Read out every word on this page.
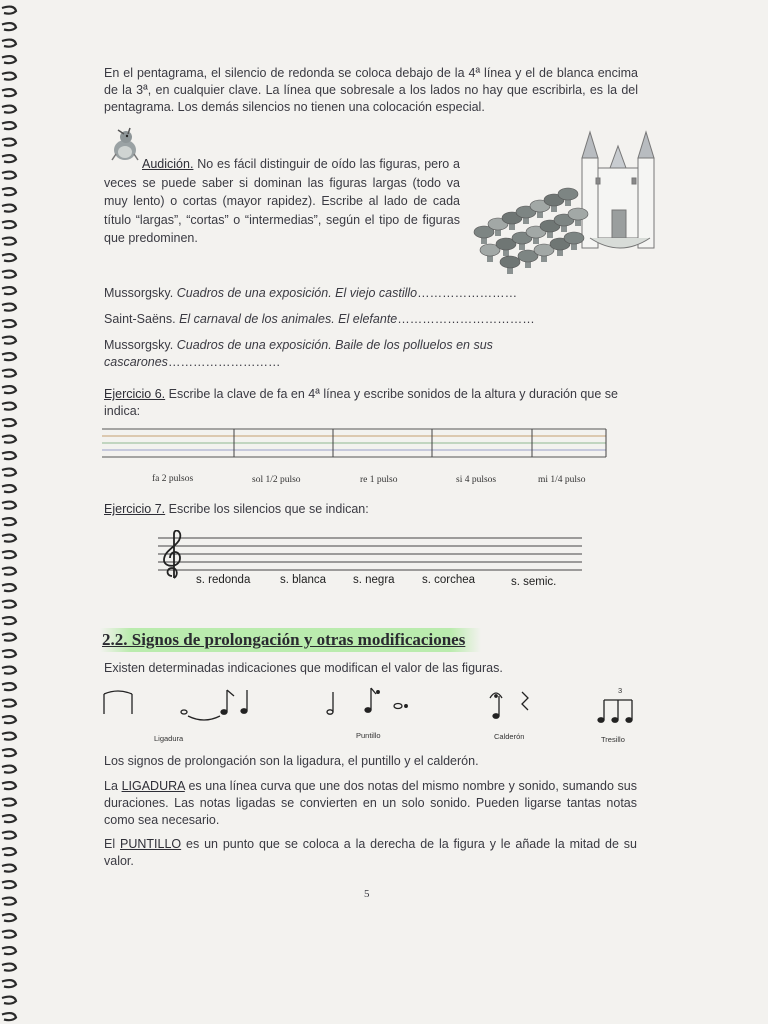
En el pentagrama, el silencio de redonda se coloca debajo de la 4ª línea y el de blanca encima de la 3ª, en cualquier clave. La línea que sobresale a los lados no hay que escribirla, es la del pentagrama. Los demás silencios no tienen una colocación especial.
Audición. No es fácil distinguir de oído las figuras, pero a veces se puede saber si dominan las figuras largas (todo va muy lento) o cortas (mayor rapidez). Escribe al lado de cada título “largas”, “cortas” o “intermedias”, según el tipo de figuras que predominen.
Mussorgsky. Cuadros de una exposición. El viejo castillo……………………
Saint-Saëns. El carnaval de los animales. El elefante……………………………
Mussorgsky. Cuadros de una exposición. Baile de los polluelos en sus cascarones………………………
Ejercicio 6. Escribe la clave de fa en 4ª línea y escribe sonidos de la altura y duración que se indica:
fa 2 pulsos	sol 1/2 pulso	re 1 pulso	si 4 pulsos	mi 1/4 pulso
Ejercicio 7. Escribe los silencios que se indican:
s. redonda	s. blanca s. negra s. corchea	s. semic.
2.2. Signos de prolongación y otras modificaciones
Existen determinadas indicaciones que modifican el valor de las figuras.
3
Ligadura	Puntillo	Calderón	Tresillo
Los signos de prolongación son la ligadura, el puntillo y el calderón.
La LIGADURA es una línea curva que une dos notas del mismo nombre y sonido, sumando sus duraciones. Las notas ligadas se convierten en un solo sonido. Pueden ligarse tantas notas como sea necesario.
El PUNTILLO es un punto que se coloca a la derecha de la figura y le añade la mitad de su valor.
5
